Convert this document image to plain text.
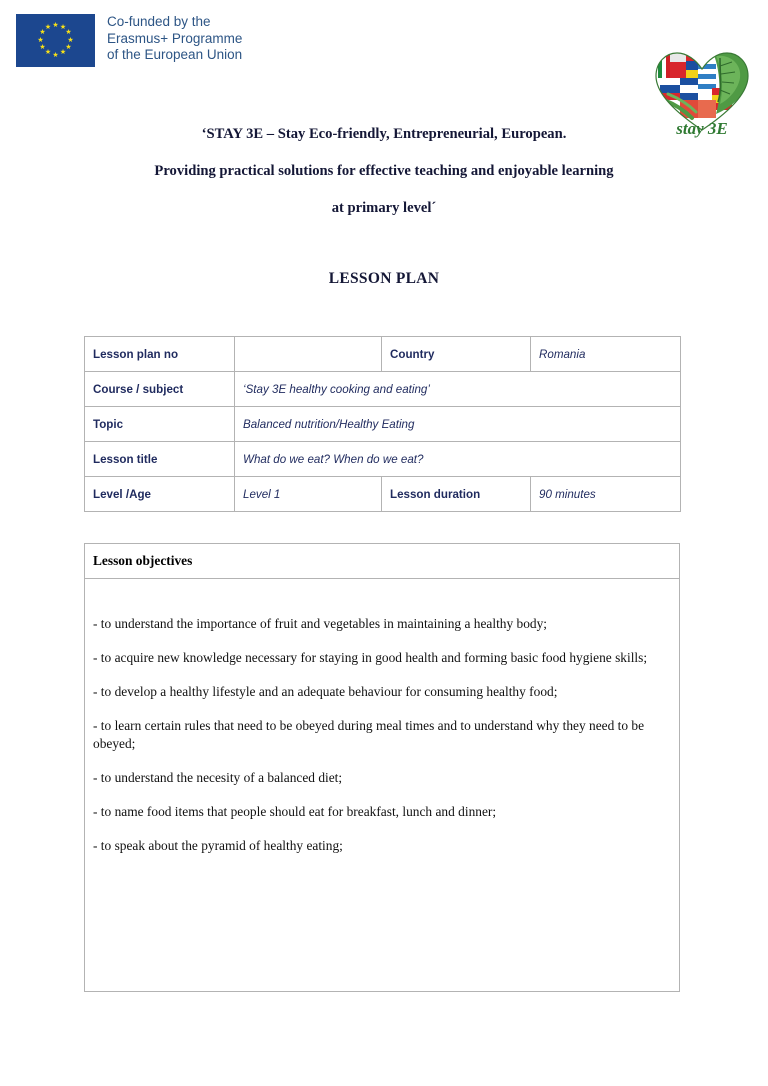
★ ★
★
★
★
★
★
★
★
★
★
★	Co-funded by the
Erasmus+ Programme
of the European Union
stay 3E
‘STAY 3E – Stay Eco-friendly, Entrepreneurial, European.
Providing practical solutions for effective teaching and enjoyable learning
at primary level´
LESSON PLAN
Lesson plan no		Country	Romania
Course / subject	‘Stay 3E healthy cooking and eating’		
Topic	Balanced nutrition/Healthy Eating		
Lesson title	What do we eat? When do we eat?		
Level /Age	Level 1	Lesson duration	90 minutes
Lesson objectives

- to understand the importance of fruit and vegetables in maintaining a healthy body;

- to acquire new knowledge necessary for staying in good health and forming basic food hygiene skills;

- to develop a healthy lifestyle and an adequate behaviour for consuming healthy food;

- to learn certain rules that need to be obeyed during meal times and to understand why they need to be obeyed;

- to understand the necesity of a balanced diet;

- to name food items that people should eat for breakfast, lunch and dinner;

- to speak about the pyramid of healthy eating;
